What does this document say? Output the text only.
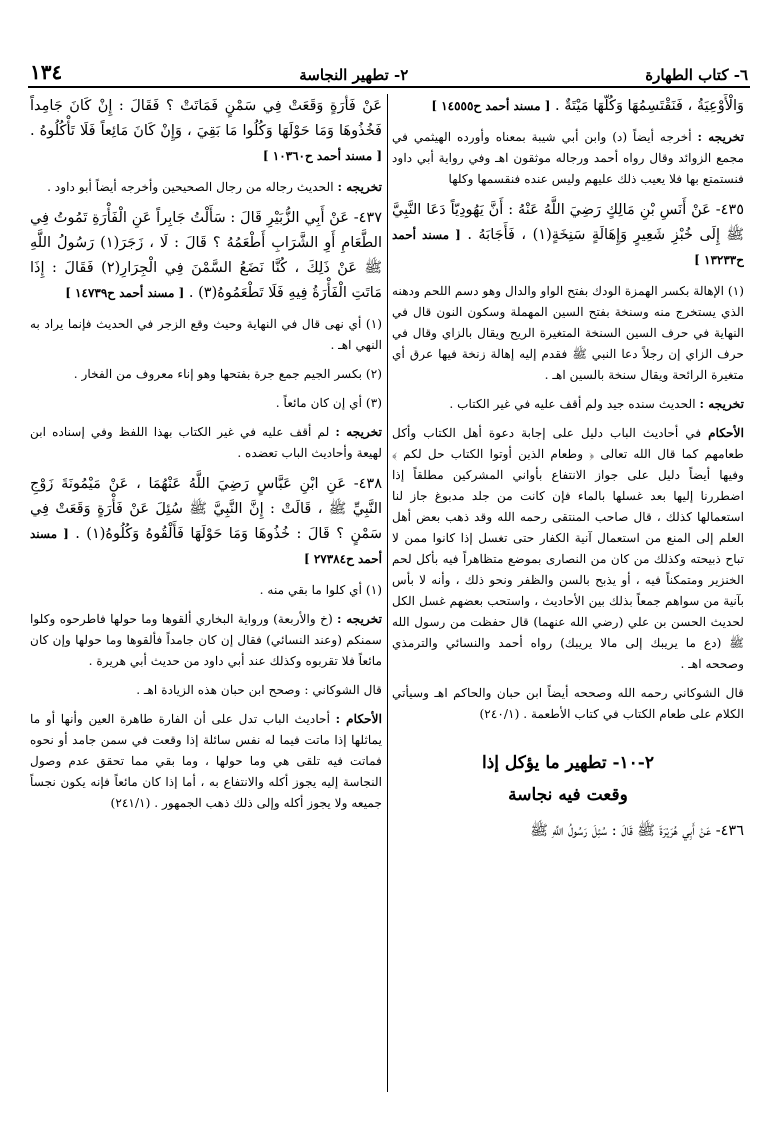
٦- كتاب الطهارة
٢- تطهير النجاسة
١٣٤

وَالْأَوْعِيَةُ ، فَنَقْتَسِمُهَا وَكُلُّهَا مَيْتَةٌ . [ مسند أحمد ح١٤٥٥٥ ]

تخريجه : أخرجه أيضاً (د) وابن أبي شيبة بمعناه وأورده الهيثمي في مجمع الزوائد وقال رواه أحمد ورجاله موثقون اهـ وفي رواية أبي داود فنستمتع بها فلا يعيب ذلك عليهم وليس عنده فنقسمها وكلها

٤٣٥- عَنْ أَنَسِ بْنِ مَالِكٍ رَضِيَ اللَّهُ عَنْهُ : أَنَّ يَهُودِيّاً دَعَا النَّبِيَّ ﷺ إِلَى خُبْزِ شَعِيرٍ وَإِهَالَةٍ سَنِخَةٍ(١) ، فَأَجَابَهُ . [ مسند أحمد ح١٣٢٣٣ ]

(١) الإهالة بكسر الهمزة الودك بفتح الواو والدال وهو دسم اللحم ودهنه الذي يستخرج منه وسنخة بفتح السين المهملة وسكون النون قال في النهاية في حرف السين السنخة المتغيرة الريح ويقال بالزاي وقال في حرف الزاي إن رجلاً دعا النبي ﷺ فقدم إليه إهالة زنخة فيها عرق أي متغيرة الرائحة ويقال سنخة بالسين اهـ .

تخريجه : الحديث سنده جيد ولم أقف عليه في غير الكتاب .

الأحكام في أحاديث الباب دليل على إجابة دعوة أهل الكتاب وأكل طعامهم كما قال الله تعالى ﴿ وطعام الذين أوتوا الكتاب حل لكم ﴾ وفيها أيضاً دليل على جواز الانتفاع بأواني المشركين مطلقاً إذا اضطررنا إليها بعد غسلها بالماء فإن كانت من جلد مدبوغ جاز لنا استعمالها كذلك ، قال صاحب المنتقى رحمه الله وقد ذهب بعض أهل العلم إلى المنع من استعمال آنية الكفار حتى تغسل إذا كانوا ممن لا تباح ذبيحته وكذلك من كان من النصارى بموضع متظاهراً فيه بأكل لحم الخنزير ومتمكناً فيه ، أو يذبح بالسن والظفر ونحو ذلك ، وأنه لا بأس بآنية من سواهم جمعاً بذلك بين الأحاديث ، واستحب بعضهم غسل الكل لحديث الحسن بن علي (رضي الله عنهما) قال حفظت من رسول الله ﷺ (دع ما يريبك إلى مالا يريبك) رواه أحمد والنسائي والترمذي وصححه اهـ .

قال الشوكاني رحمه الله وصححه أيضاً ابن حبان والحاكم اهـ وسيأتي الكلام على طعام الكتاب في كتاب الأطعمة . (٢٤٠/١)

٢-١٠- تطهير ما يؤكل إذا
وقعت فيه نجاسة

٤٣٦- عَنْ أَبِي هُرَيْرَةَ ﷺ قَالَ : سُئِلَ رَسُولُ اللَّهِ ﷺ

عَنْ فَأْرَةٍ وَقَعَتْ فِي سَمْنٍ فَمَاتَتْ ؟ فَقَالَ : إِنْ كَانَ جَامِداً فَخُذُوهَا وَمَا حَوْلَهَا وَكُلُوا مَا بَقِيَ ، وَإِنْ كَانَ مَائِعاً فَلَا تَأْكُلُوهُ . [ مسند أحمد ح١٠٣٦٠ ]

تخريجه : الحديث رجاله من رجال الصحيحين وأخرجه أيضاً أبو داود .

٤٣٧- عَنْ أَبِي الزُّبَيْرِ قَالَ : سَأَلْتُ جَابِراً عَنِ الْفَأْرَةِ تَمُوتُ فِي الطَّعَامِ أَوِ الشَّرَابِ أَطْعَمُهُ ؟ قَالَ : لَا ، زَجَرَ(١) رَسُولُ اللَّهِ ﷺ عَنْ ذَلِكَ ، كُنَّا نَضَعُ السَّمْنَ فِي الْجِرَارِ(٢) فَقَالَ : إِذَا مَاتَتِ الْفَأْرَةُ فِيهِ فَلَا تَطْعَمُوهُ(٣) . [ مسند أحمد ح١٤٧٣٩ ]

(١) أي نهى قال في النهاية وحيث وقع الزجر في الحديث فإنما يراد به النهي اهـ .

(٢) بكسر الجيم جمع جرة بفتحها وهو إناء معروف من الفخار .

(٣) أي إن كان مائعاً .

تخريجه : لم أقف عليه في غير الكتاب بهذا اللفظ وفي إسناده ابن لهيعة وأحاديث الباب تعضده .

٤٣٨- عَنِ ابْنِ عَبَّاسٍ رَضِيَ اللَّهُ عَنْهُمَا ، عَنْ مَيْمُونَةَ زَوْجِ النَّبِيِّ ﷺ ، قَالَتْ : إِنَّ النَّبِيَّ ﷺ سُئِلَ عَنْ فَأْرَةٍ وَقَعَتْ فِي سَمْنٍ ؟ قَالَ : خُذُوهَا وَمَا حَوْلَهَا فَأَلْقُوهُ وَكُلُوهُ(١) . [ مسند أحمد ح٢٧٣٨٤ ]

(١) أي كلوا ما بقي منه .

تخريجه : (خ والأربعة) ورواية البخاري ألقوها وما حولها فاطرحوه وكلوا سمنكم (وعند النسائي) فقال إن كان جامداً فألقوها وما حولها وإن كان مائعاً فلا تقربوه وكذلك عند أبي داود من حديث أبي هريرة .

قال الشوكاني : وصحح ابن حبان هذه الزيادة اهـ .

الأحكام : أحاديث الباب تدل على أن الفارة طاهرة العين وأنها أو ما يماثلها إذا ماتت فيما له نفس سائلة إذا وقعت في سمن جامد أو نحوه فماتت فيه تلقى هي وما حولها ، وما بقي مما تحقق عدم وصول النجاسة إليه يجوز أكله والانتفاع به ، أما إذا كان مائعاً فإنه يكون نجساً جميعه ولا يجوز أكله وإلى ذلك ذهب الجمهور . (٢٤١/١)
